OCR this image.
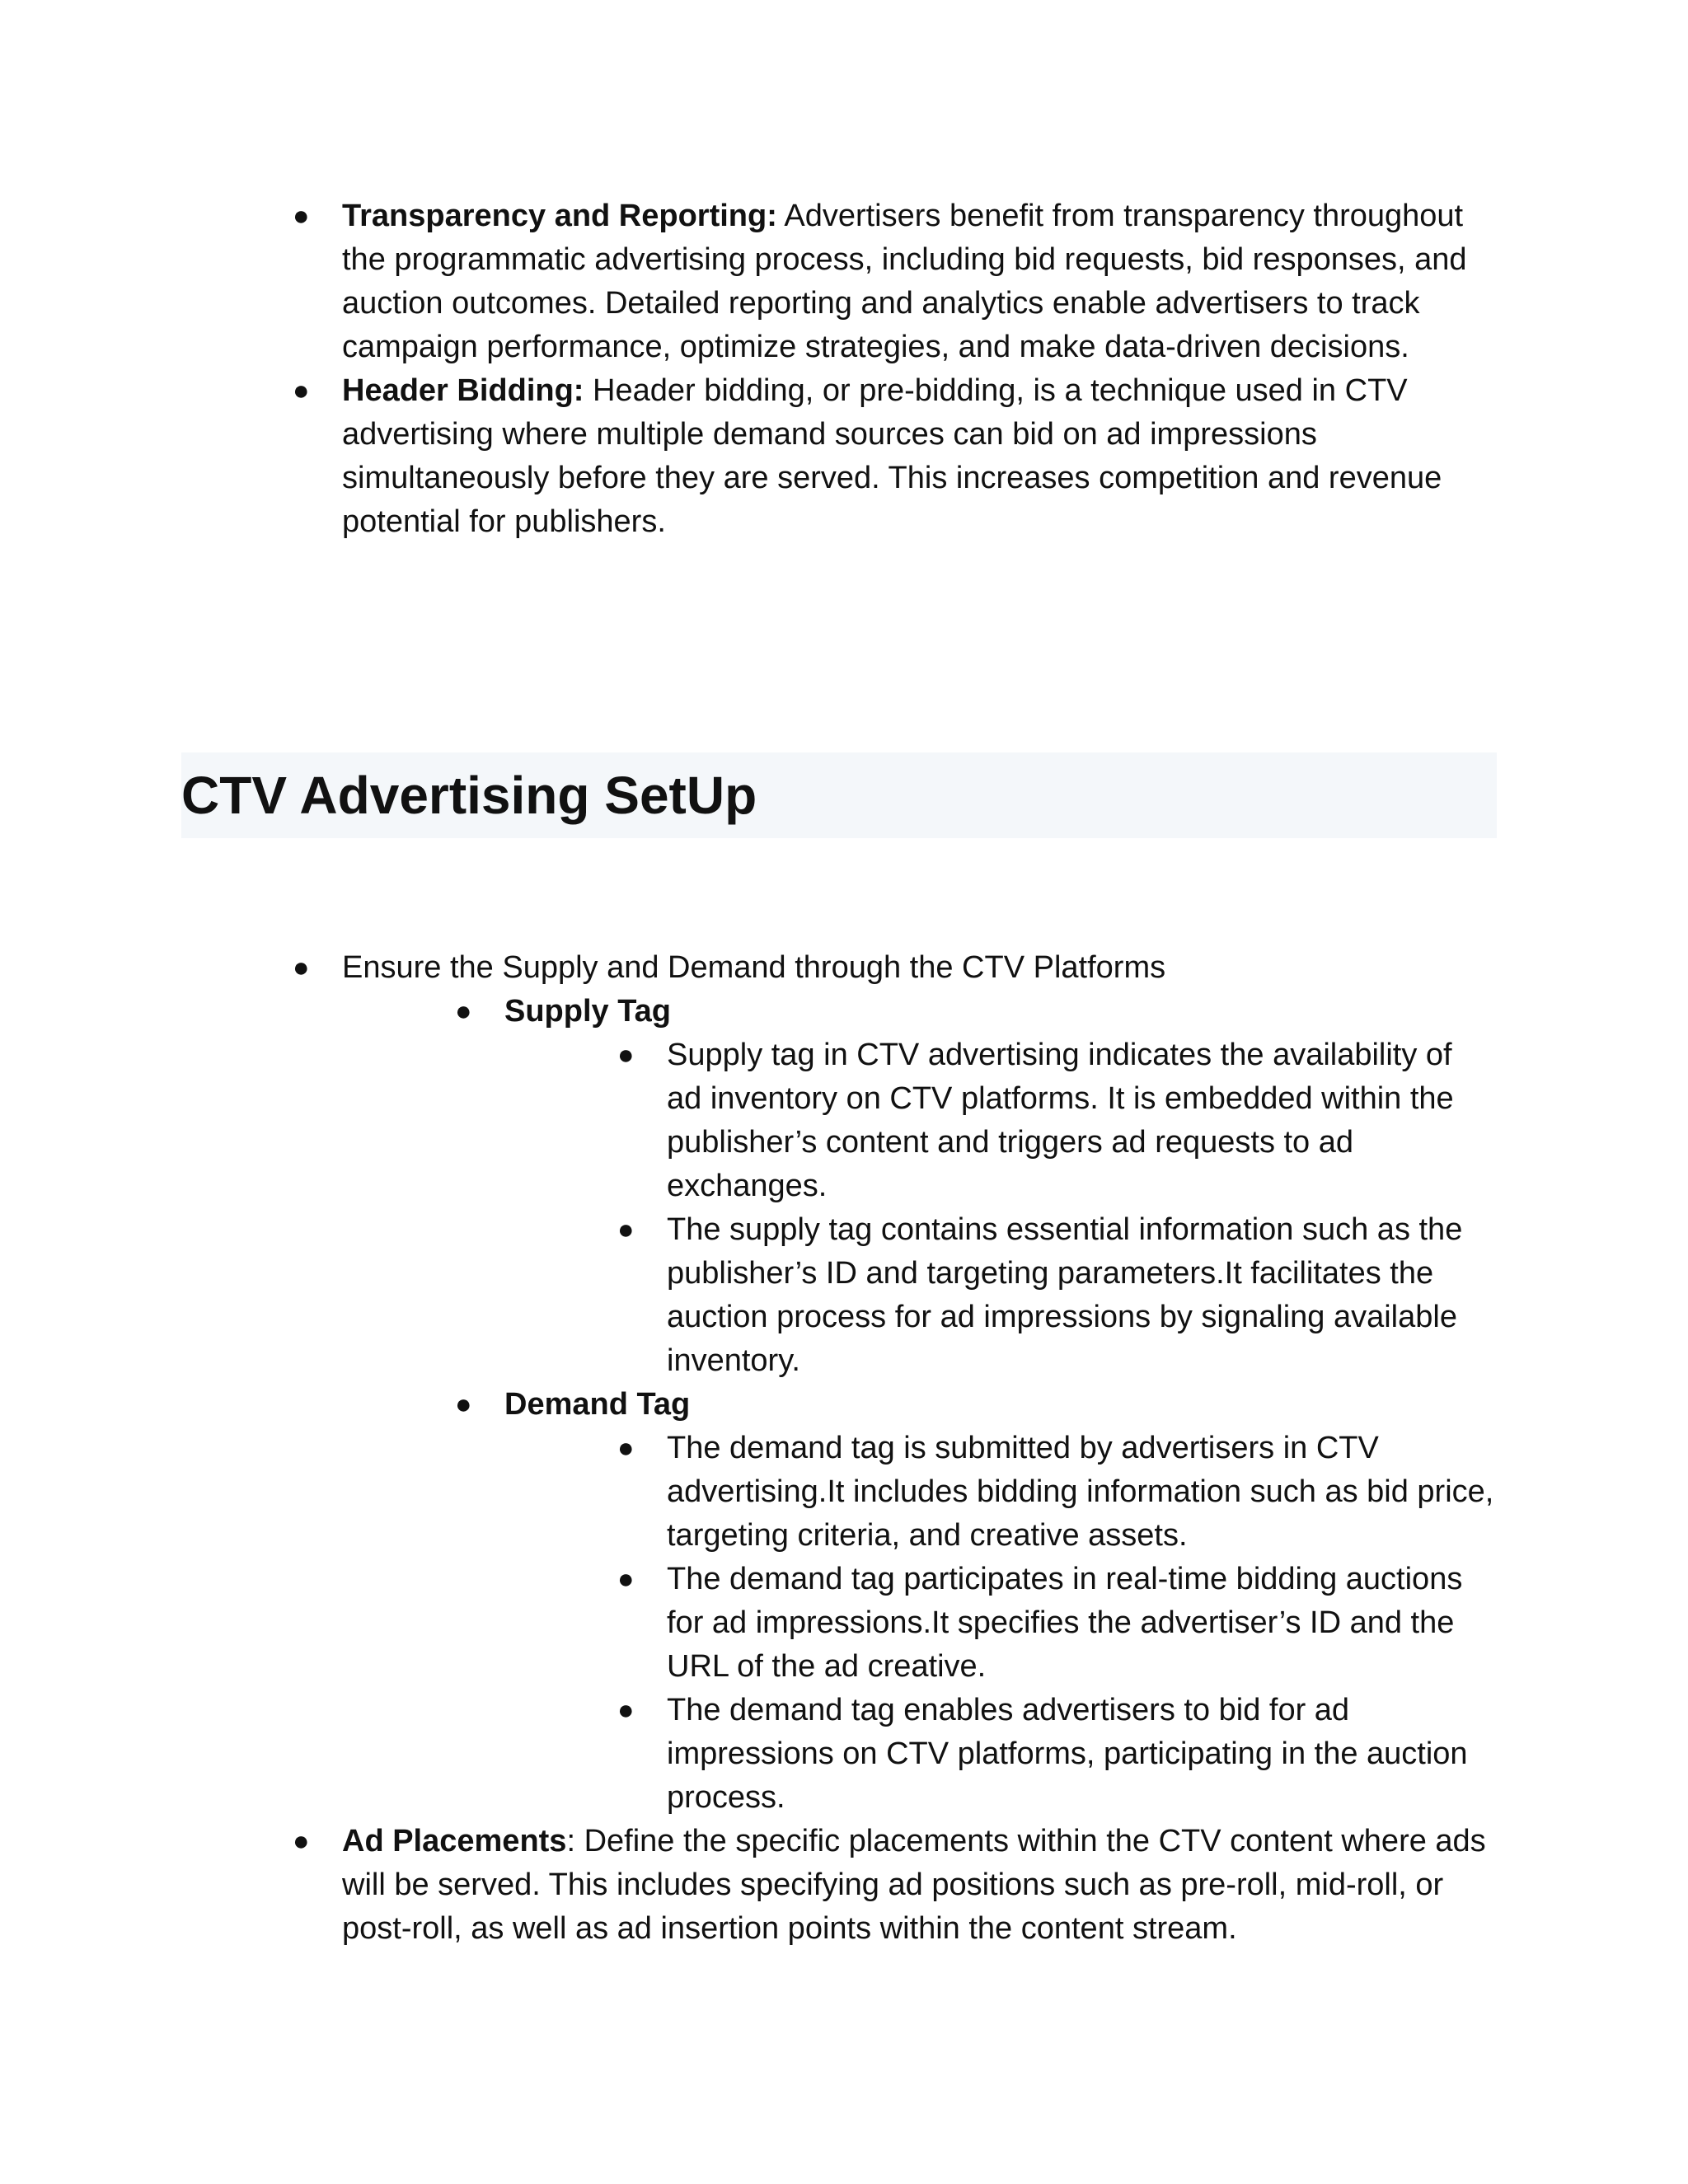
● Transparency and Reporting: Advertisers benefit from transparency throughout the programmatic advertising process, including bid requests, bid responses, and auction outcomes. Detailed reporting and analytics enable advertisers to track campaign performance, optimize strategies, and make data-driven decisions.
● Header Bidding: Header bidding, or pre-bidding, is a technique used in CTV advertising where multiple demand sources can bid on ad impressions simultaneously before they are served. This increases competition and revenue potential for publishers.
CTV Advertising SetUp
● Ensure the Supply and Demand through the CTV Platforms
● Supply Tag
● Supply tag in CTV advertising indicates the availability of ad inventory on CTV platforms. It is embedded within the publisher’s content and triggers ad requests to ad exchanges.
● The supply tag contains essential information such as the publisher’s ID and targeting parameters.It facilitates the auction process for ad impressions by signaling available inventory.
● Demand Tag
● The demand tag is submitted by advertisers in CTV advertising.It includes bidding information such as bid price, targeting criteria, and creative assets.
● The demand tag participates in real-time bidding auctions for ad impressions.It specifies the advertiser’s ID and the URL of the ad creative.
● The demand tag enables advertisers to bid for ad impressions on CTV platforms, participating in the auction process.
● Ad Placements: Define the specific placements within the CTV content where ads will be served. This includes specifying ad positions such as pre-roll, mid-roll, or post-roll, as well as ad insertion points within the content stream.
